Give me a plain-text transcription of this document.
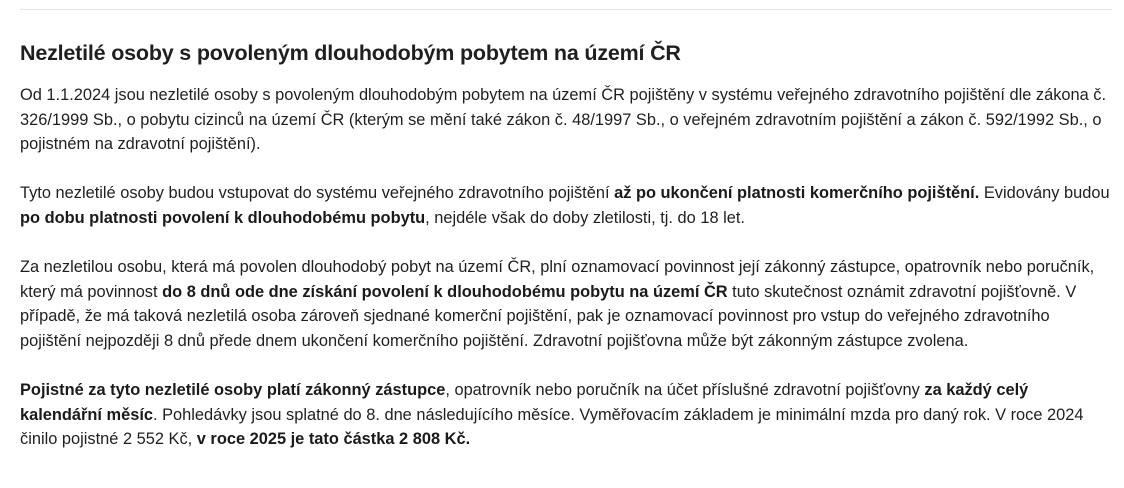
Nezletilé osoby s povoleným dlouhodobým pobytem na území ČR

Od 1.1.2024 jsou nezletilé osoby s povoleným dlouhodobým pobytem na území ČR pojištěny v systému veřejného zdravotního pojištění dle zákona č. 326/1999 Sb., o pobytu cizinců na území ČR (kterým se mění také zákon č. 48/1997 Sb., o veřejném zdravotním pojištění a zákon č. 592/1992 Sb., o pojistném na zdravotní pojištění).

Tyto nezletilé osoby budou vstupovat do systému veřejného zdravotního pojištění až po ukončení platnosti komerčního pojištění. Evidovány budou po dobu platnosti povolení k dlouhodobému pobytu, nejdéle však do doby zletilosti, tj. do 18 let.

Za nezletilou osobu, která má povolen dlouhodobý pobyt na území ČR, plní oznamovací povinnost její zákonný zástupce, opatrovník nebo poručník, který má povinnost do 8 dnů ode dne získání povolení k dlouhodobému pobytu na území ČR tuto skutečnost oznámit zdravotní pojišťovně. V případě, že má taková nezletilá osoba zároveň sjednané komerční pojištění, pak je oznamovací povinnost pro vstup do veřejného zdravotního pojištění nejpozději 8 dnů přede dnem ukončení komerčního pojištění. Zdravotní pojišťovna může být zákonným zástupce zvolena.

Pojistné za tyto nezletilé osoby platí zákonný zástupce, opatrovník nebo poručník na účet příslušné zdravotní pojišťovny za každý celý kalendářní měsíc. Pohledávky jsou splatné do 8. dne následujícího měsíce. Vyměřovacím základem je minimální mzda pro daný rok. V roce 2024 činilo pojistné 2 552 Kč, v roce 2025 je tato částka 2 808 Kč.
